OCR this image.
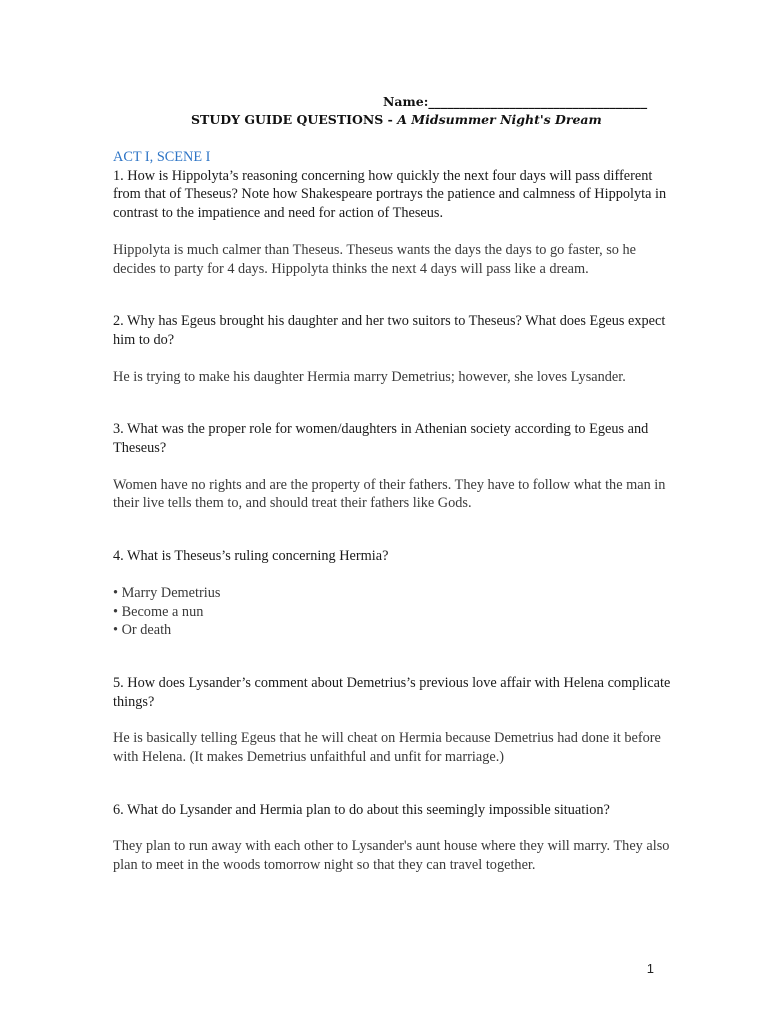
Name:___________________________________
STUDY GUIDE QUESTIONS - A Midsummer Night's Dream

ACT I, SCENE I

1. How is Hippolyta’s reasoning concerning how quickly the next four days will pass different from that of Theseus? Note how Shakespeare portrays the patience and calmness of Hippolyta in contrast to the impatience and need for action of Theseus.

Hippolyta is much calmer than Theseus. Theseus wants the days the days to go faster, so he decides to party for 4 days. Hippolyta thinks the next 4 days will pass like a dream.

2. Why has Egeus brought his daughter and her two suitors to Theseus? What does Egeus expect him to do?

He is trying to make his daughter Hermia marry Demetrius; however, she loves Lysander.

3. What was the proper role for women/daughters in Athenian society according to Egeus and Theseus?

Women have no rights and are the property of their fathers. They have to follow what the man in their live tells them to, and should treat their fathers like Gods.

4. What is Theseus’s ruling concerning Hermia?

• Marry Demetrius
• Become a nun
• Or death

5. How does Lysander’s comment about Demetrius’s previous love affair with Helena complicate things?

He is basically telling Egeus that he will cheat on Hermia because Demetrius had done it before with Helena. (It makes Demetrius unfaithful and unfit for marriage.)

6. What do Lysander and Hermia plan to do about this seemingly impossible situation?

They plan to run away with each other to Lysander's aunt house where they will marry. They also plan to meet in the woods tomorrow night so that they can travel together.

1
